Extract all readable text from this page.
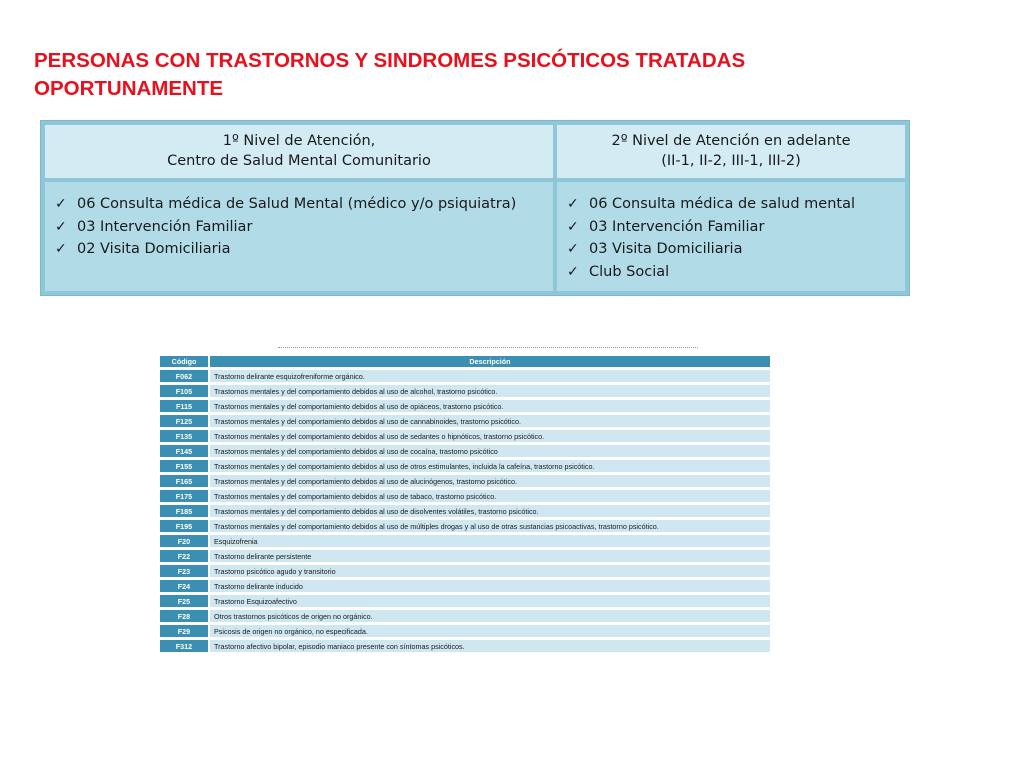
PERSONAS CON TRASTORNOS Y SINDROMES PSICÓTICOS TRATADAS
OPORTUNAMENTE
1º Nivel de Atención,
Centro de Salud Mental Comunitario
2º Nivel de Atención en adelante
(II-1, II-2, III-1, III-2)
✓ 06 Consulta médica de Salud Mental (médico y/o psiquiatra)
✓ 03 Intervención Familiar
✓ 02 Visita Domiciliaria
✓ 06 Consulta médica de salud mental
✓ 03 Intervención Familiar
✓ 03 Visita Domiciliaria
✓ Club Social
Código	Descripción
F062	Trastorno delirante esquizofreniforme orgánico.
F105	Trastornos mentales y del comportamiento debidos al uso de alcohol, trastorno psicótico.
F115	Trastornos mentales y del comportamiento debidos al uso de opiáceos, trastorno psicótico.
F125	Trastornos mentales y del comportamiento debidos al uso de cannabinoides, trastorno psicótico.
F135	Trastornos mentales y del comportamiento debidos al uso de sedantes o hipnóticos, trastorno psicótico.
F145	Trastornos mentales y del comportamiento debidos al uso de cocaína, trastorno psicótico
F155	Trastornos mentales y del comportamiento debidos al uso de otros estimulantes, incluida la cafeína, trastorno psicótico.
F165	Trastornos mentales y del comportamiento debidos al uso de alucinógenos, trastorno psicótico.
F175	Trastornos mentales y del comportamiento debidos al uso de tabaco, trastorno psicótico.
F185	Trastornos mentales y del comportamiento debidos al uso de disolventes volátiles, trastorno psicótico.
F195	Trastornos mentales y del comportamiento debidos al uso de múltiples drogas y al uso de otras sustancias psicoactivas, trastorno psicótico.
F20	Esquizofrenia
F22	Trastorno delirante persistente
F23	Trastorno psicótico agudo y transitorio
F24	Trastorno delirante inducido
F25	Trastorno Esquizoafectivo
F28	Otros trastornos psicóticos de origen no orgánico.
F29	Psicosis de origen no orgánico, no especificada.
F312	Trastorno afectivo bipolar, episodio maniaco presente con síntomas psicóticos.
